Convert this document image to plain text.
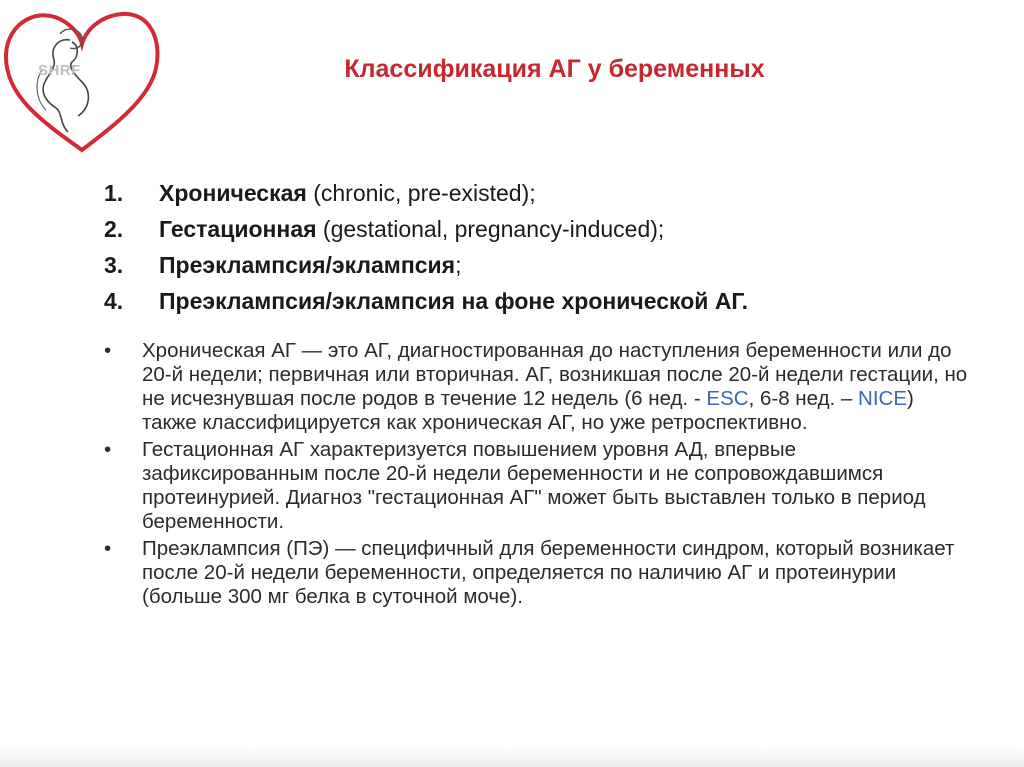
SHRF	Классификация АГ у беременных
1.	Хроническая (chronic, pre-existed);
2.	Гестационная (gestational, pregnancy-induced);
3.	Преэклампсия/эклампсия;
4.	Преэклампсия/эклампсия на фоне хронической АГ.
•	Хроническая АГ — это АГ, диагностированная до наступления беременности или до 20-й недели; первичная или вторичная. АГ, возникшая после 20-й недели гестации, но не исчезнувшая после родов в течение 12 недель (6 нед. - ESC, 6-8 нед. – NICE) также классифицируется как хроническая АГ, но уже ретроспективно.
•	Гестационная АГ характеризуется повышением уровня АД, впервые зафиксированным после 20-й недели беременности и не сопровождавшимся протеинурией. Диагноз "гестационная АГ" может быть выставлен только в период беременности.
•	Преэклампсия (ПЭ) — специфичный для беременности синдром, который возникает после 20-й недели беременности, определяется по наличию АГ и протеинурии (больше 300 мг белка в суточной моче).
